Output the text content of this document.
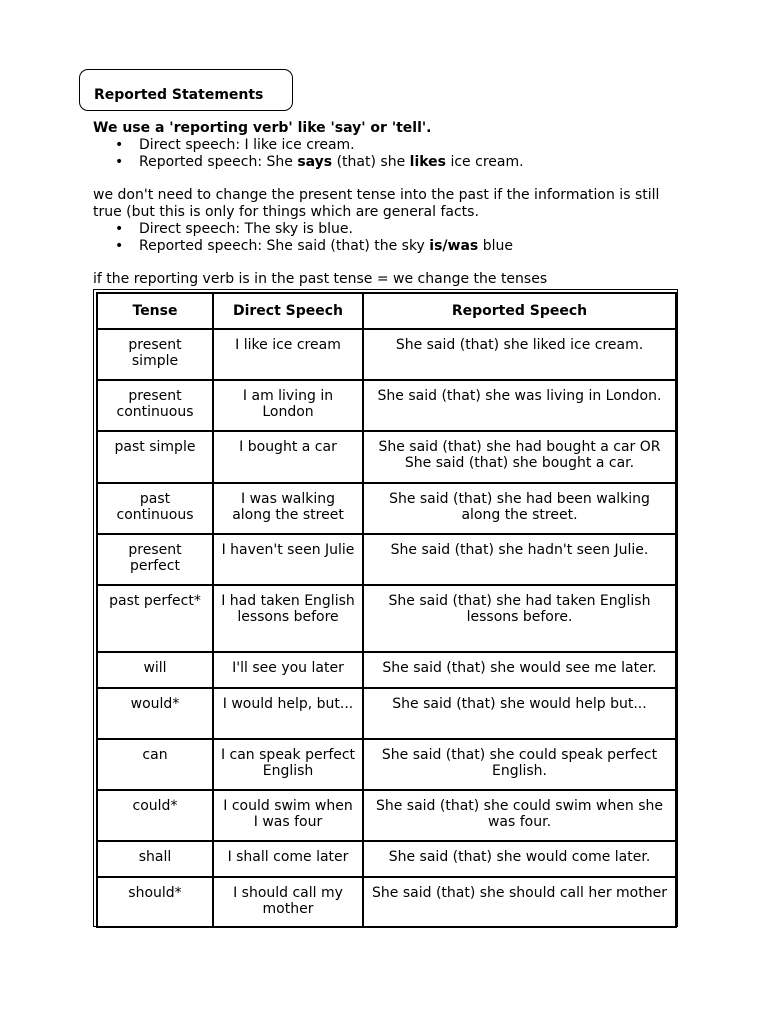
Reported Statements
We use a 'reporting verb' like 'say' or 'tell'.
• Direct speech: I like ice cream.
• Reported speech: She says (that) she likes ice cream.
we don't need to change the present tense into the past if the information is still true (but this is only for things which are general facts.
• Direct speech: The sky is blue.
• Reported speech: She said (that) the sky is/was blue
if the reporting verb is in the past tense = we change the tenses
Tense	Direct Speech	Reported Speech
present simple	I like ice cream	She said (that) she liked ice cream.
present continuous	I am living in London	She said (that) she was living in London.
past simple	I bought a car	She said (that) she had bought a car OR She said (that) she bought a car.
past continuous	I was walking along the street	She said (that) she had been walking along the street.
present perfect	I haven't seen Julie	She said (that) she hadn't seen Julie.
past perfect*	I had taken English lessons before	She said (that) she had taken English lessons before.
will	I'll see you later	She said (that) she would see me later.
would*	I would help, but...	She said (that) she would help but...
can	I can speak perfect English	She said (that) she could speak perfect English.
could*	I could swim when I was four	She said (that) she could swim when she was four.
shall	I shall come later	She said (that) she would come later.
should*	I should call my mother	She said (that) she should call her mother
